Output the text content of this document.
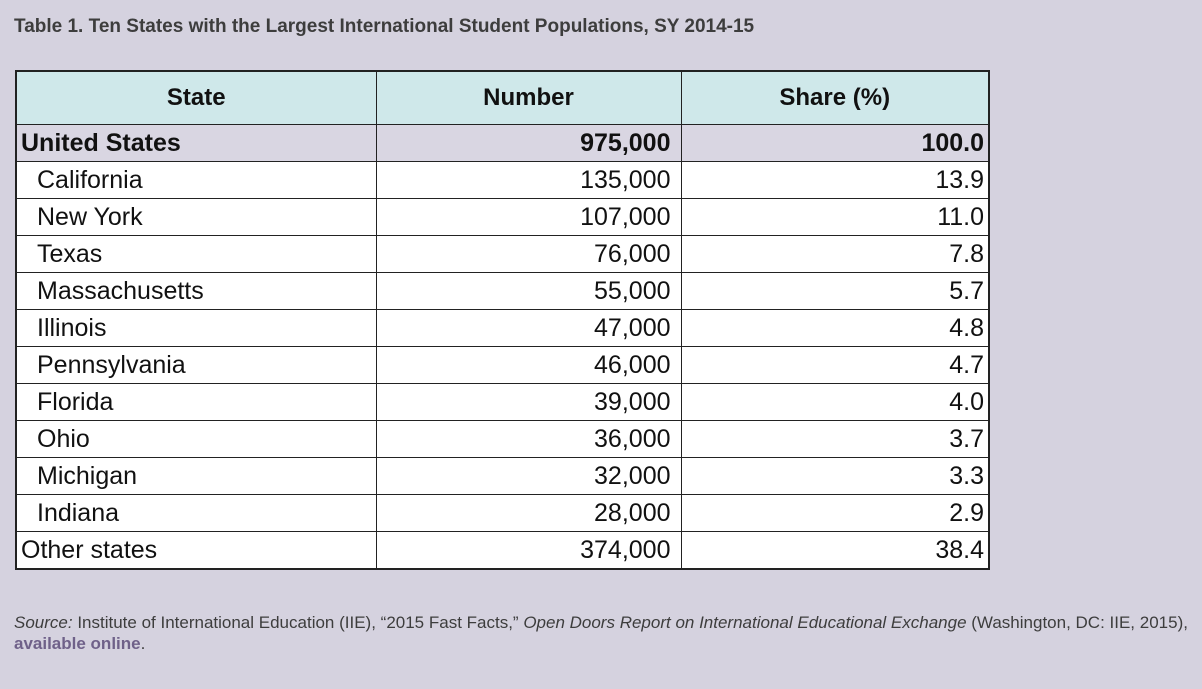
Table 1. Ten States with the Largest International Student Populations, SY 2014-15
State	Number	Share (%)
United States	975,000	100.0
California	135,000	13.9
New York	107,000	11.0
Texas	76,000	7.8
Massachusetts	55,000	5.7
Illinois	47,000	4.8
Pennsylvania	46,000	4.7
Florida	39,000	4.0
Ohio	36,000	3.7
Michigan	32,000	3.3
Indiana	28,000	2.9
Other states	374,000	38.4
Source: Institute of International Education (IIE), “2015 Fast Facts,” Open Doors Report on International Educational Exchange (Washington, DC: IIE, 2015), available online.
